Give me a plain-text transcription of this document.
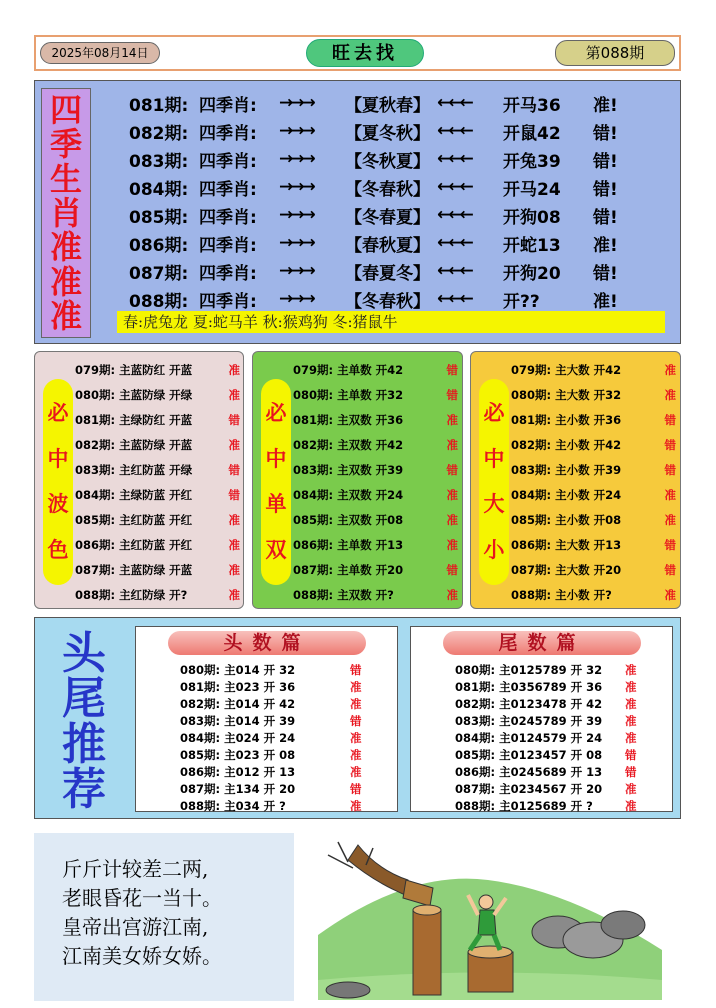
2025年08月14日	旺去找	第088期
四
季
生
肖
准
准
准
081期: 四季肖:	→→→	【夏秋春】 ←←←	开马36	准!
082期: 四季肖:	→→→	【夏冬秋】 ←←←	开鼠42	错!
083期: 四季肖:	→→→	【冬秋夏】 ←←←	开兔39	错!
084期: 四季肖:	→→→	【冬春秋】 ←←←	开马24	错!
085期: 四季肖:	→→→	【冬春夏】 ←←←	开狗08	错!
086期: 四季肖:	→→→	【春秋夏】 ←←←	开蛇13	准!
087期: 四季肖:	→→→	【春夏冬】 ←←←	开狗20	错!
088期: 四季肖:	→→→	【冬春秋】 ←←←	开??	准!
春:虎兔龙 夏:蛇马羊 秋:猴鸡狗 冬:猪鼠牛
必
中
波
色
079期: 主蓝防红 开蓝	准
080期: 主蓝防绿 开绿	准
081期: 主绿防红 开蓝	错
082期: 主蓝防绿 开蓝	准
083期: 主红防蓝 开绿	错
084期: 主绿防蓝 开红	错
085期: 主红防蓝 开红	准
086期: 主红防蓝 开红	准
087期: 主蓝防绿 开蓝	准
088期: 主红防绿 开?	准
必
中
单
双
079期: 主单数 开42	错
080期: 主单数 开32	错
081期: 主双数 开36	准
082期: 主双数 开42	准
083期: 主双数 开39	错
084期: 主双数 开24	准
085期: 主双数 开08	准
086期: 主单数 开13	准
087期: 主单数 开20	错
088期: 主双数 开?	准
必
中
大
小
079期: 主大数 开42	准
080期: 主大数 开32	准
081期: 主小数 开36	错
082期: 主小数 开42	错
083期: 主小数 开39	错
084期: 主小数 开24	准
085期: 主小数 开08	准
086期: 主大数 开13	错
087期: 主大数 开20	错
088期: 主小数 开?	准
头
尾
推
荐
头数篇
080期: 主014 开 32	错
081期: 主023 开 36	准
082期: 主014 开 42	准
083期: 主014 开 39	错
084期: 主024 开 24	准
085期: 主023 开 08	准
086期: 主012 开 13	准
087期: 主134 开 20	错
088期: 主034 开 ?	准
尾数篇
080期: 主0125789 开 32	准
081期: 主0356789 开 36	准
082期: 主0123478 开 42	准
083期: 主0245789 开 39	准
084期: 主0124579 开 24	准
085期: 主0123457 开 08	错
086期: 主0245689 开 13	错
087期: 主0234567 开 20	准
088期: 主0125689 开 ?	准
斤斤计较差二两,
老眼昏花一当十。
皇帝出宫游江南,
江南美女娇女娇。
